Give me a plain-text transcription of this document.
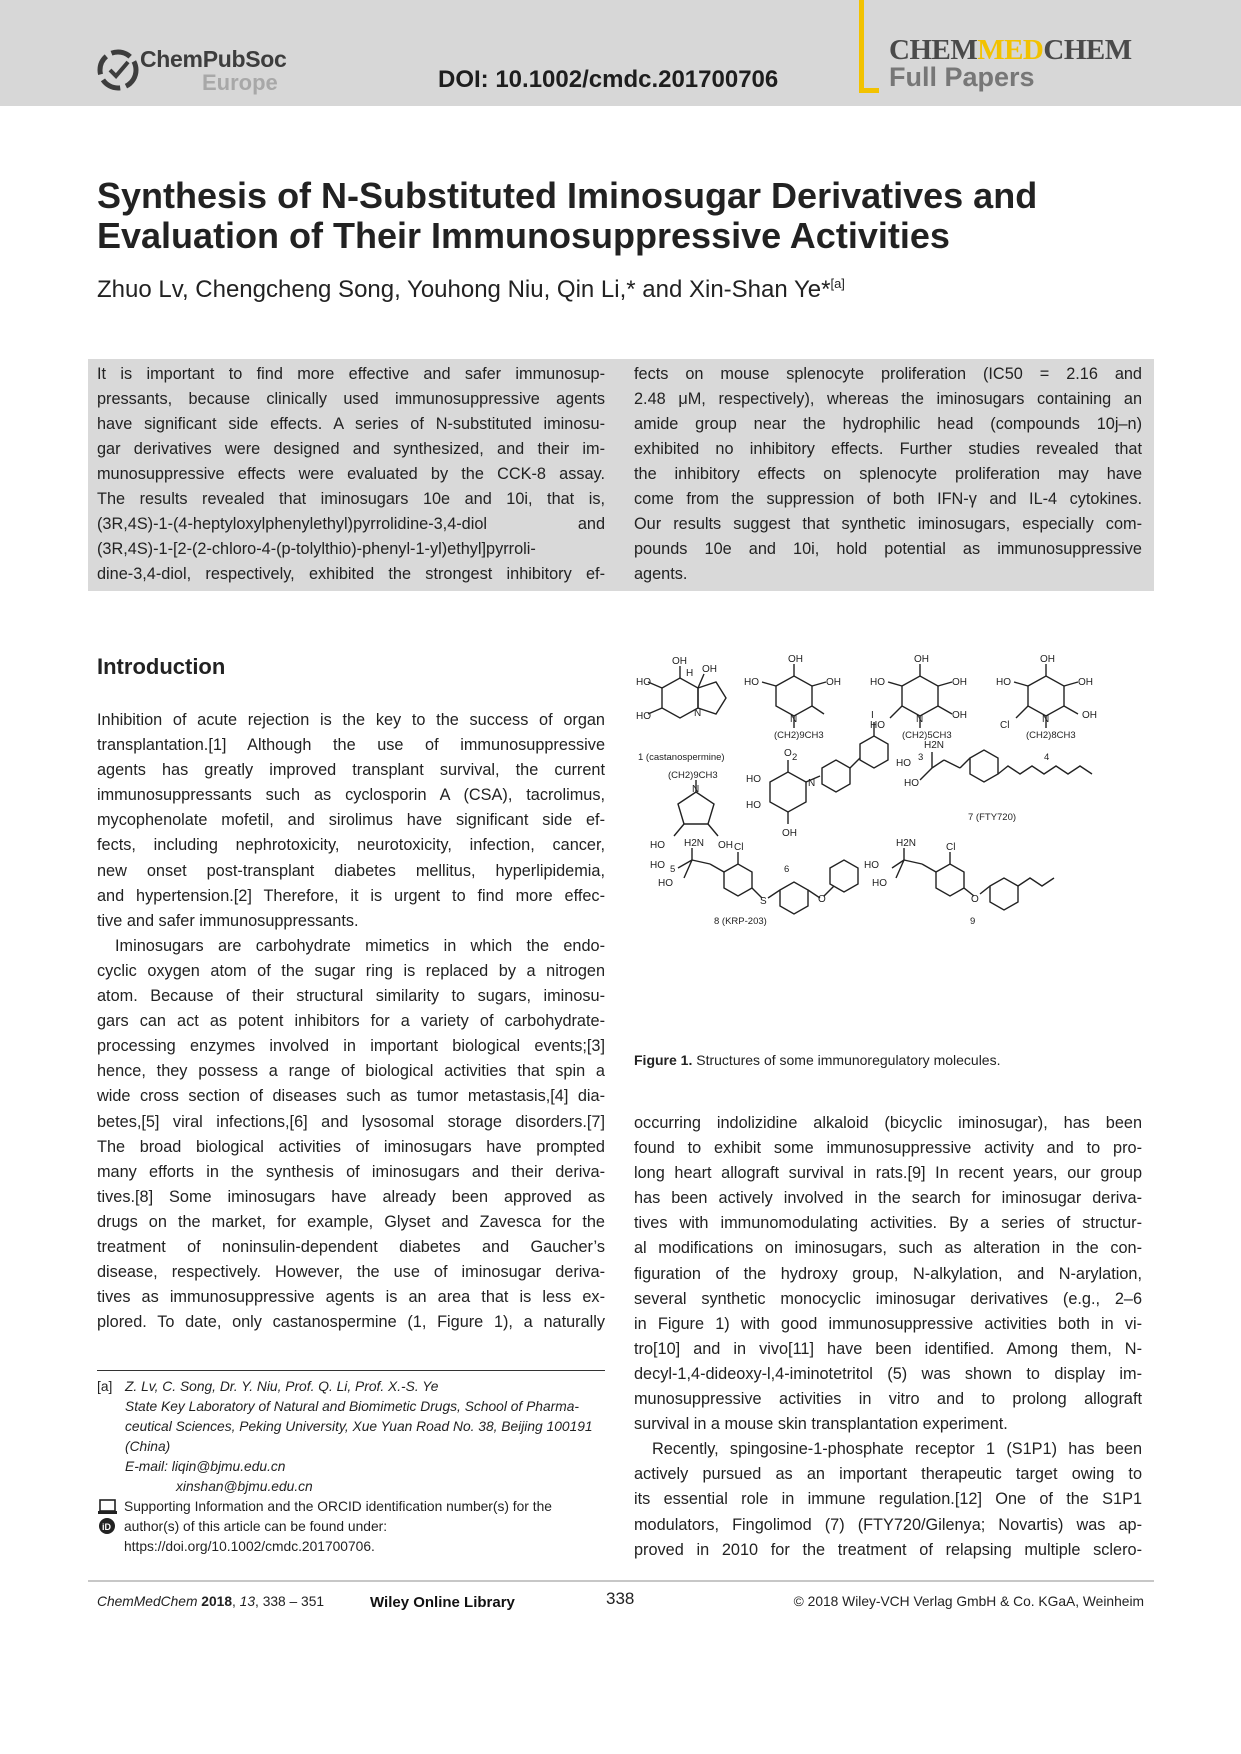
ChemPubSoc
Europe	DOI: 10.1002/cmdc.201700706
CHEMMEDCHEM
Full Papers
Synthesis of N-Substituted Iminosugar Derivatives and
Evaluation of Their Immunosuppressive Activities
Zhuo Lv, Chengcheng Song, Youhong Niu, Qin Li,* and Xin-Shan Ye*[a]
It is important to find more effective and safer immunosup-
pressants, because clinically used immunosuppressive agents
have significant side effects. A series of N-substituted iminosu-
gar derivatives were designed and synthesized, and their im-
munosuppressive effects were evaluated by the CCK-8 assay.
The results revealed that iminosugars 10e and 10i, that is,
(3R,4S)-1-(4-heptyloxylphenylethyl)pyrrolidine-3,4-diol and
(3R,4S)-1-[2-(2-chloro-4-(p-tolylthio)-phenyl-1-yl)ethyl]pyrroli-
dine-3,4-diol, respectively, exhibited the strongest inhibitory ef-
fects on mouse splenocyte proliferation (IC50 = 2.16 and
2.48 μM, respectively), whereas the iminosugars containing an
amide group near the hydrophilic head (compounds 10j–n)
exhibited no inhibitory effects. Further studies revealed that
the inhibitory effects on splenocyte proliferation may have
come from the suppression of both IFN-γ and IL-4 cytokines.
Our results suggest that synthetic iminosugars, especially com-
pounds 10e and 10i, hold potential as immunosuppressive
agents.
Introduction
Inhibition of acute rejection is the key to the success of organ
transplantation.[1] Although the use of immunosuppressive
agents has greatly improved transplant survival, the current
immunosuppressants such as cyclosporin A (CSA), tacrolimus,
mycophenolate mofetil, and sirolimus have significant side ef-
fects, including nephrotoxicity, neurotoxicity, infection, cancer,
new onset post-transplant diabetes mellitus, hyperlipidemia,
and hypertension.[2] Therefore, it is urgent to find more effec-
tive and safer immunosuppressants.
Iminosugars are carbohydrate mimetics in which the endo-
cyclic oxygen atom of the sugar ring is replaced by a nitrogen
atom. Because of their structural similarity to sugars, iminosu-
gars can act as potent inhibitors for a variety of carbohydrate-
processing enzymes involved in important biological events;[3]
hence, they possess a range of biological activities that spin a
wide cross section of diseases such as tumor metastasis,[4] dia-
betes,[5] viral infections,[6] and lysosomal storage disorders.[7]
The broad biological activities of iminosugars have prompted
many efforts in the synthesis of iminosugars and their deriva-
tives.[8] Some iminosugars have already been approved as
drugs on the market, for example, Glyset and Zavesca for the
treatment of noninsulin-dependent diabetes and Gaucher’s
disease, respectively. However, the use of iminosugar deriva-
tives as immunosuppressive agents is an area that is less ex-
plored. To date, only castanospermine (1, Figure 1), a naturally
HO
HO
OH
OH
H
N
1 (castanospermine)
HO
OH
OH
N
(CH2)9CH3
2
HO
OH
OH
OH
HO
N
(CH2)5CH3
3
HO
OH
OH
OH
Cl
N
(CH2)8CH3
4
N
(CH2)9CH3
HO	OH
5
O
HO
HO
OH
N
I
6
H2N
HO
HO
7 (FTY720)
H2N
HO
HO
Cl
S	O
8 (KRP-203)
H2N
HO
HO
Cl
O
9
Figure 1. Structures of some immunoregulatory molecules.
occurring indolizidine alkaloid (bicyclic iminosugar), has been
found to exhibit some immunosuppressive activity and to pro-
long heart allograft survival in rats.[9] In recent years, our group
has been actively involved in the search for iminosugar deriva-
tives with immunomodulating activities. By a series of structur-
al modifications on iminosugars, such as alteration in the con-
figuration of the hydroxy group, N-alkylation, and N-arylation,
several synthetic monocyclic iminosugar derivatives (e.g., 2–6
in Figure 1) with good immunosuppressive activities both in vi-
tro[10] and in vivo[11] have been identified. Among them, N-
decyl-1,4-dideoxy-l,4-iminotetritol (5) was shown to display im-
munosuppressive activities in vitro and to prolong allograft
survival in a mouse skin transplantation experiment.
Recently, spingosine-1-phosphate receptor 1 (S1P1) has been
actively pursued as an important therapeutic target owing to
its essential role in immune regulation.[12] One of the S1P1
modulators, Fingolimod (7) (FTY720/Gilenya; Novartis) was ap-
proved in 2010 for the treatment of relapsing multiple sclero-
[a] Z. Lv, C. Song, Dr. Y. Niu, Prof. Q. Li, Prof. X.-S. Ye
State Key Laboratory of Natural and Biomimetic Drugs, School of Pharma-
ceutical Sciences, Peking University, Xue Yuan Road No. 38, Beijing 100191
(China)
E-mail: liqin@bjmu.edu.cn
xinshan@bjmu.edu.cn
iD
Supporting Information and the ORCID identification number(s) for the
author(s) of this article can be found under:
https://doi.org/10.1002/cmdc.201700706.
ChemMedChem 2018, 13, 338 – 351	Wiley Online Library	338	© 2018 Wiley-VCH Verlag GmbH & Co. KGaA, Weinheim
